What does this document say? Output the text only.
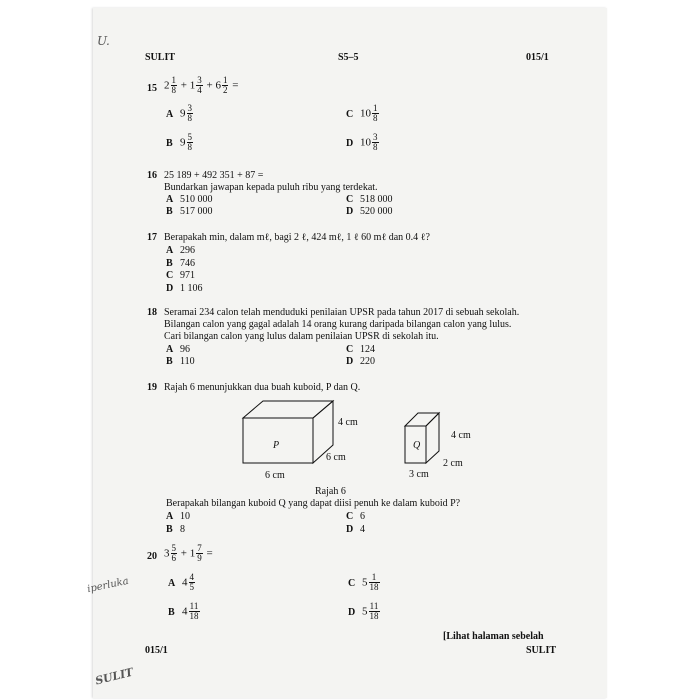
U.
SULIT	S5–5	015/1
15 $2 \frac{1}{8} + 1 \frac{3}{4} + 6 \frac{1}{2}$ =
A $9 \frac{3}{8}$	C $10 \frac{1}{8}$
B $9 \frac{5}{8}$	D $10 \frac{3}{8}$
16 25 189 + 492 351 + 87 =
Bundarkan jawapan kepada puluh ribu yang terdekat.
A 510 000	C 518 000
B 517 000	D 520 000
17 Berapakah min, dalam mℓ, bagi 2 ℓ, 424 mℓ, 1 ℓ 60 mℓ dan 0.4 ℓ?
A 296
B 746
C 971
D 1 106
18 Seramai 234 calon telah menduduki penilaian UPSR pada tahun 2017 di sebuah sekolah.
Bilangan calon yang gagal adalah 14 orang kurang daripada bilangan calon yang lulus.
Cari bilangan calon yang lulus dalam penilaian UPSR di sekolah itu.
A 96	C 124
B 110	D 220
19 Rajah 6 menunjukkan dua buah kuboid, P dan Q.
P
4 cm
6 cm
6 cm
Q
4 cm
2 cm
3 cm
Rajah 6
Berapakah bilangan kuboid Q yang dapat diisi penuh ke dalam kuboid P?
A 10	C 6
B 8	D 4
20 $3 \frac{5}{6} + 1 \frac{7}{9}$ =
A $4 \frac{4}{5}$	C $5 \frac{1}{18}$
B $4 \frac{11}{18}$	D $5 \frac{11}{18}$
iperluka
[Lihat halaman sebelah
015/1	SULIT
SULIT
